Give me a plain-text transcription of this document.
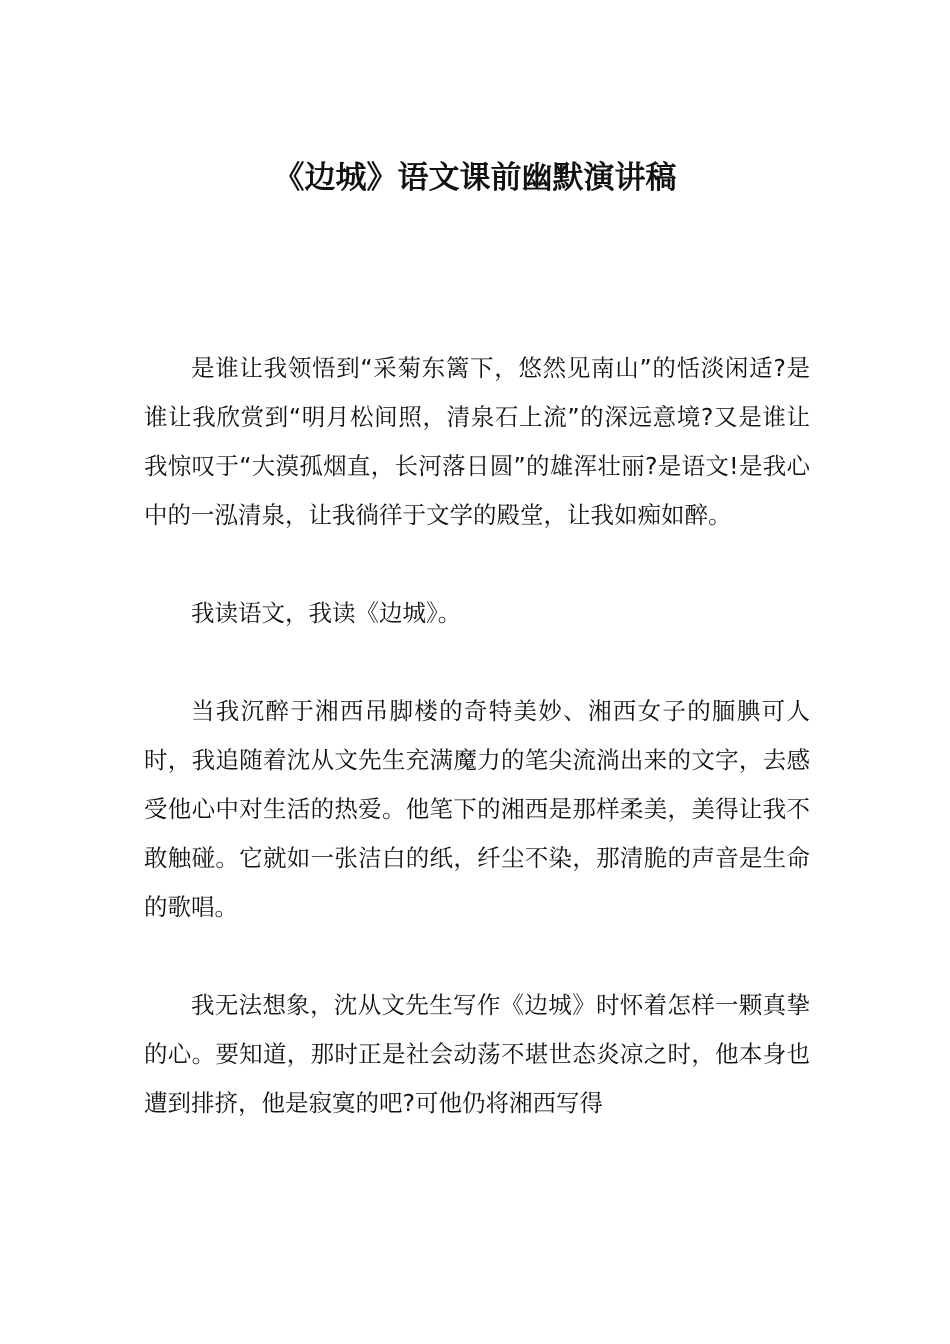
《边城》语文课前幽默演讲稿

是谁让我领悟到“采菊东篱下，悠然见南山”的恬淡闲适?是谁让我欣赏到“明月松间照，清泉石上流”的深远意境?又是谁让我惊叹于“大漠孤烟直，长河落日圆”的雄浑壮丽?是语文!是我心中的一泓清泉，让我徜徉于文学的殿堂，让我如痴如醉。

我读语文，我读《边城》。

当我沉醉于湘西吊脚楼的奇特美妙、湘西女子的腼腆可人时，我追随着沈从文先生充满魔力的笔尖流淌出来的文字，去感受他心中对生活的热爱。他笔下的湘西是那样柔美，美得让我不敢触碰。它就如一张洁白的纸，纤尘不染，那清脆的声音是生命的歌唱。

我无法想象，沈从文先生写作《边城》时怀着怎样一颗真挚的心。要知道，那时正是社会动荡不堪世态炎凉之时，他本身也遭到排挤，他是寂寞的吧?可他仍将湘西写得
